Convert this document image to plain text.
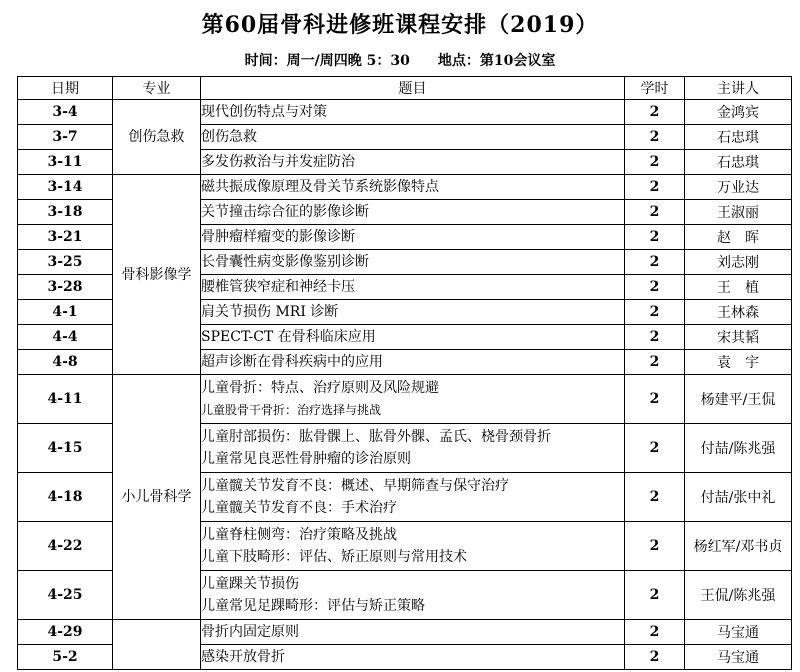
第60届骨科进修班课程安排（2019）
时间：周一/周四晚 5：30　　地点：第10会议室
日期	专业	题目	学时	主讲人
3-4	创伤急救	现代创伤特点与对策	2	金鸿宾
3-7		创伤急救	2	石忠琪
3-11		多发伤救治与并发症防治	2	石忠琪
3-14	骨科影像学	磁共振成像原理及骨关节系统影像特点	2	万业达
3-18		关节撞击综合征的影像诊断	2	王淑丽
3-21		骨肿瘤样瘤变的影像诊断	2	赵　晖
3-25		长骨囊性病变影像鉴别诊断	2	刘志刚
3-28		腰椎管狭窄症和神经卡压	2	王　植
4-1		肩关节损伤 MRI 诊断	2	王林森
4-4		SPECT-CT 在骨科临床应用	2	宋其韬
4-8		超声诊断在骨科疾病中的应用	2	袁　宇
4-11	小儿骨科学	儿童骨折：特点、治疗原则及风险规避
儿童股骨干骨折：治疗选择与挑战	2	杨建平/王侃
4-15		儿童肘部损伤：肱骨髁上、肱骨外髁、孟氏、桡骨颈骨折
儿童常见良恶性骨肿瘤的诊治原则	2	付喆/陈兆强
4-18		儿童髋关节发育不良：概述、早期筛查与保守治疗
儿童髋关节发育不良：手术治疗	2	付喆/张中礼
4-22		儿童脊柱侧弯：治疗策略及挑战
儿童下肢畸形：评估、矫正原则与常用技术	2	杨红军/邓书贞
4-25		儿童踝关节损伤
儿童常见足踝畸形：评估与矫正策略	2	王侃/陈兆强
4-29		骨折内固定原则	2	马宝通
5-2		感染开放骨折	2	马宝通
